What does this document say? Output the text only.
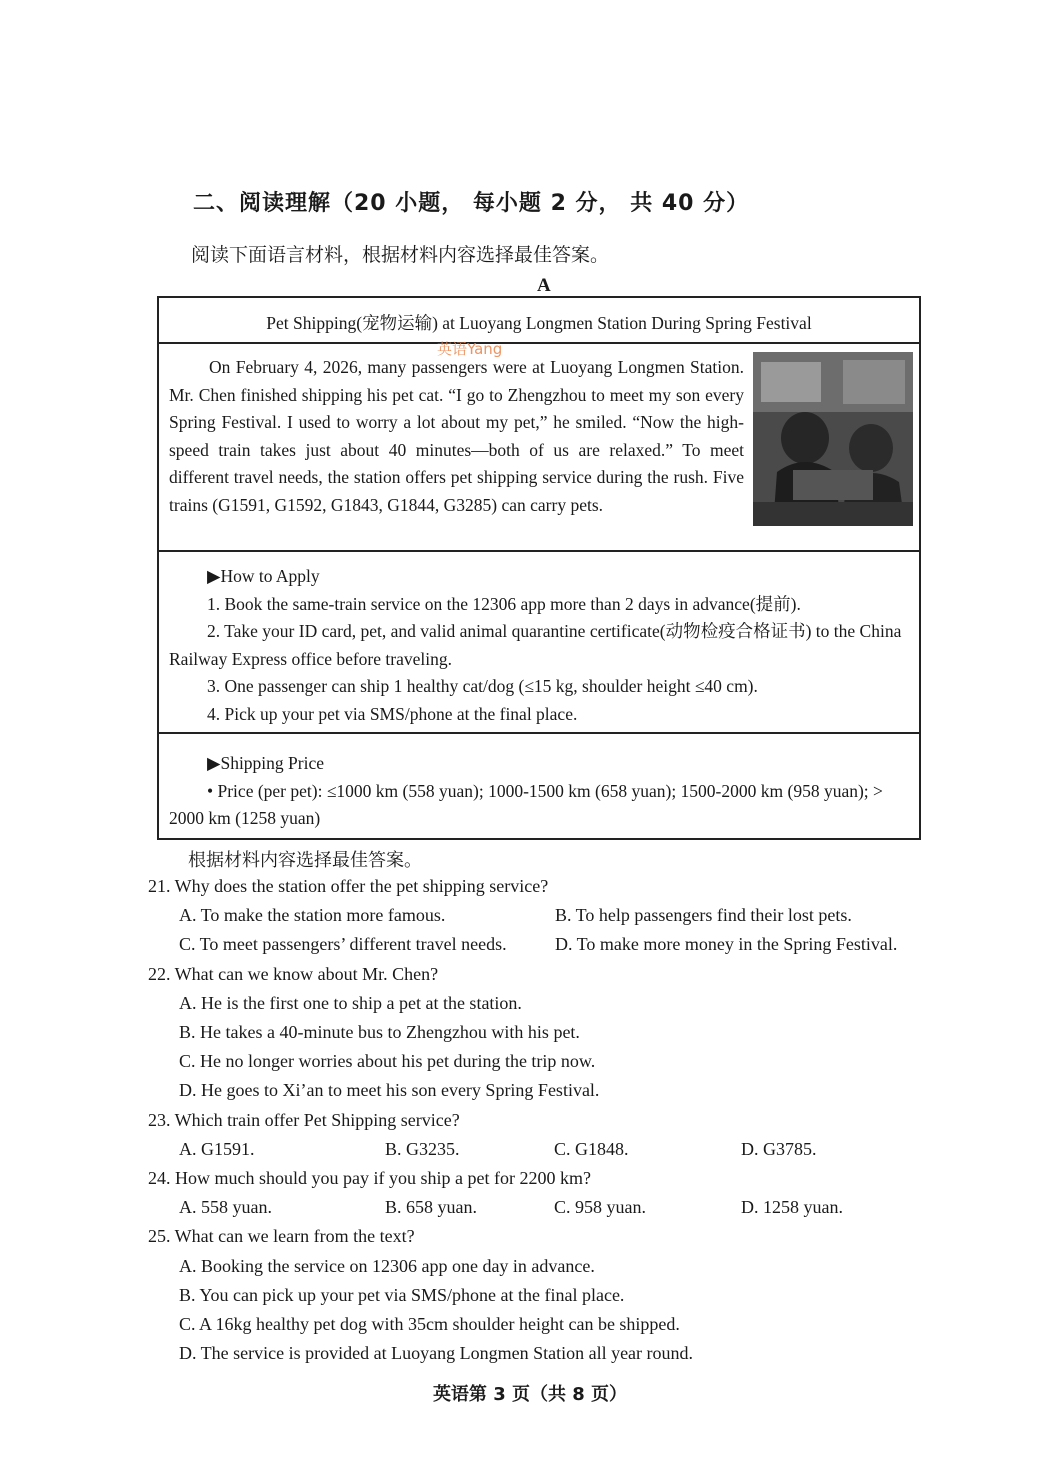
二、阅读理解（20 小题， 每小题 2 分， 共 40 分）
阅读下面语言材料，根据材料内容选择最佳答案。
A
Pet Shipping(宠物运输) at Luoyang Longmen Station During Spring Festival

On February 4, 2026, many passengers were at Luoyang Longmen Station. Mr. Chen finished shipping his pet cat. “I go to Zhengzhou to meet my son every Spring Festival. I used to worry a lot about my pet,” he smiled. “Now the high-speed train takes just about 40 minutes—both of us are relaxed.” To meet different travel needs, the station offers pet shipping service during the rush. Five trains (G1591, G1592, G1843, G1844, G3285) can carry pets.

英语Yang
▶How to Apply

1. Book the same-train service on the 12306 app more than 2 days in advance(提前).

2. Take your ID card, pet, and valid animal quarantine certificate(动物检疫合格证书) to the China Railway Express office before traveling.

3. One passenger can ship 1 healthy cat/dog (≤15 kg, shoulder height ≤40 cm).

4. Pick up your pet via SMS/phone at the final place.

▶Shipping Price

• Price (per pet): ≤1000 km (558 yuan); 1000-1500 km (658 yuan); 1500-2000 km (958 yuan); > 2000 km (1258 yuan)

根据材料内容选择最佳答案。

21. Why does the station offer the pet shipping service?

A. To make the station more famous.	B. To help passengers find their lost pets.
C. To meet passengers’ different travel needs.	D. To make more money in the Spring Festival.

22. What can we know about Mr. Chen?

A. He is the first one to ship a pet at the station.
B. He takes a 40-minute bus to Zhengzhou with his pet.
C. He no longer worries about his pet during the trip now.
D. He goes to Xi’an to meet his son every Spring Festival.

23. Which train offer Pet Shipping service?

A. G1591.	B. G3235.	C. G1848.	D. G3785.

24. How much should you pay if you ship a pet for 2200 km?

A. 558 yuan.	B. 658 yuan.	C. 958 yuan.	D. 1258 yuan.

25. What can we learn from the text?

A. Booking the service on 12306 app one day in advance.
B. You can pick up your pet via SMS/phone at the final place.
C. A 16kg healthy pet dog with 35cm shoulder height can be shipped.
D. The service is provided at Luoyang Longmen Station all year round.
英语第 3 页（共 8 页）
